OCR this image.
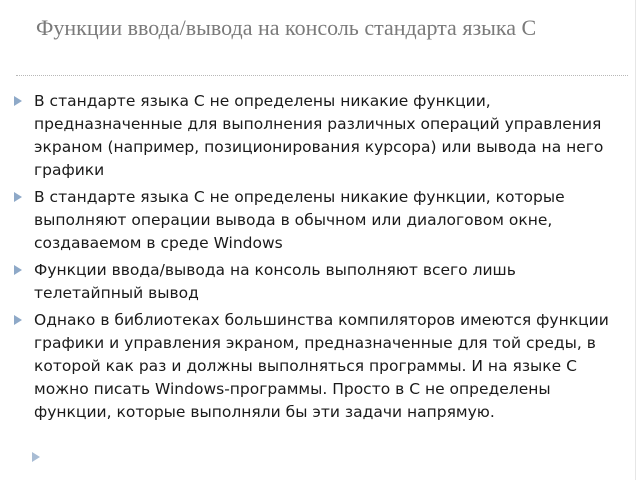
Функции ввода/вывода на консоль стандарта языка С
В стандарте языка С не определены никакие функции, предназначенные для выполнения различных операций управления экраном (например, позиционирования курсора) или вывода на него графики
В стандарте языка С не определены никакие функции, которые выполняют операции вывода в обычном или диалоговом окне, создаваемом в среде Windows
Функции ввода/вывода на консоль выполняют всего лишь телетайпный вывод
Однако в библиотеках большинства компиляторов имеются функции графики и управления экраном, предназначенные для той среды, в которой как раз и должны выполняться программы. И на языке С можно писать Windows-программы. Просто в С не определены функции, которые выполняли бы эти задачи напрямую.
